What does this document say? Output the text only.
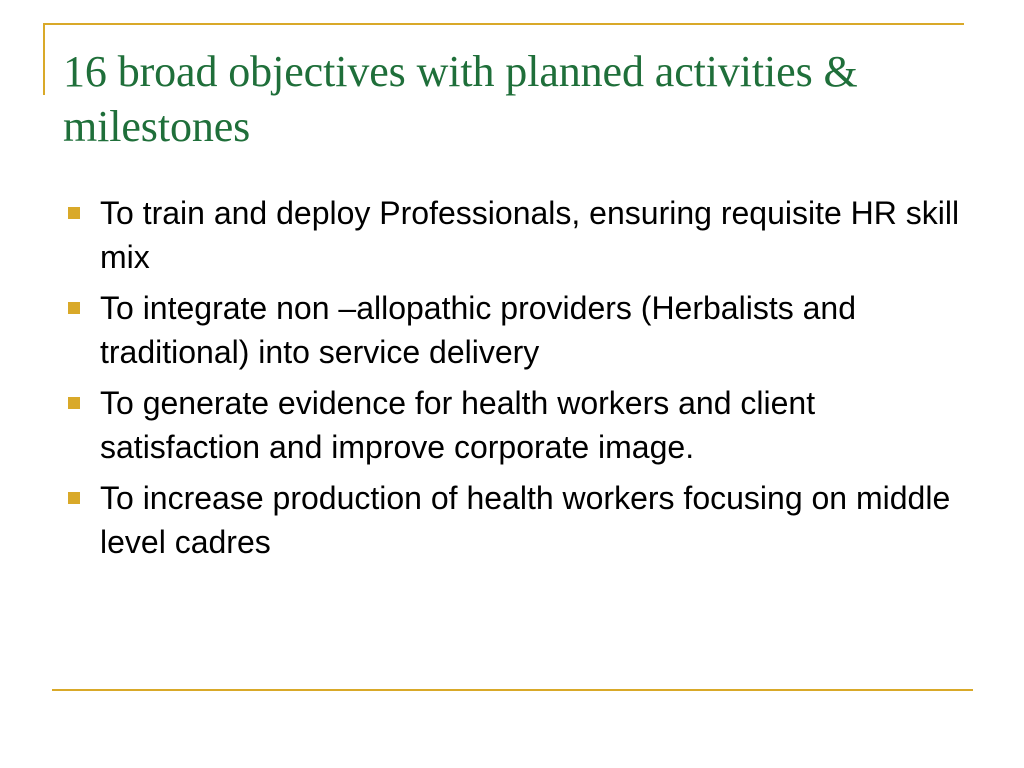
16 broad objectives with planned activities & milestones
To train and deploy Professionals, ensuring requisite HR skill mix
To integrate non –allopathic providers (Herbalists and traditional) into service delivery
To generate evidence for health workers and client satisfaction and improve corporate image.
To increase production of health workers focusing on middle level cadres
